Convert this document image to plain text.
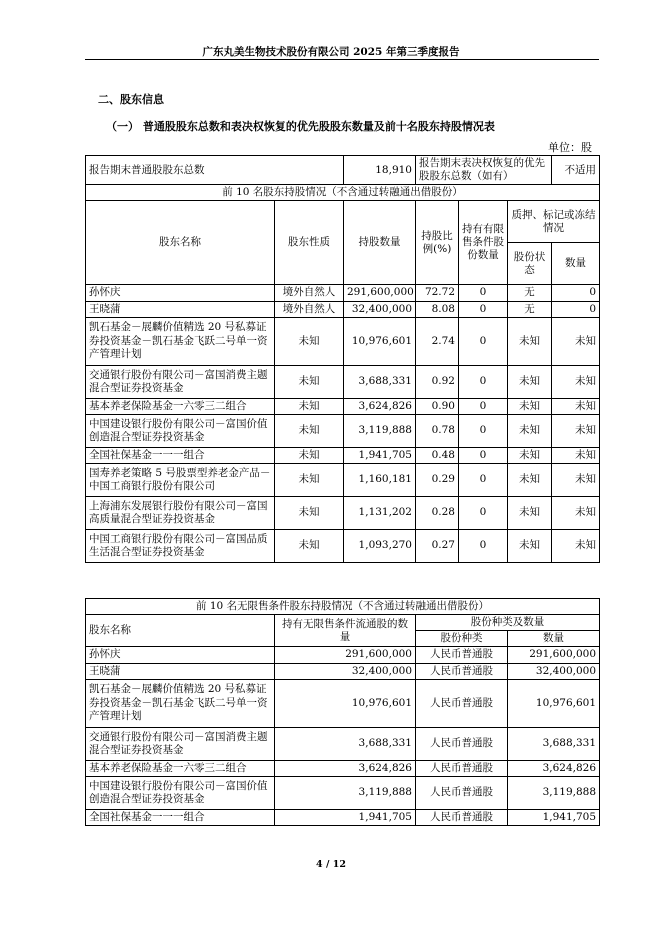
广东丸美生物技术股份有限公司 2025 年第三季度报告
二、股东信息
（一） 普通股股东总数和表决权恢复的优先股股东数量及前十名股东持股情况表
单位：股
报告期末普通股股东总数		18,910	报告期末表决权恢复的优先股股东总数（如有）			不适用
前 10 名股东持股情况（不含通过转融通出借股份）						
股东名称	股东性质	持股数量	持股比例(%)	持有有限售条件股份数量	质押、标记或冻结情况	
					股份状态	数量
孙怀庆	境外自然人	291,600,000	72.72	0	无	0
王晓蒲	境外自然人	32,400,000	8.08	0	无	0
凯石基金－展麟价值精选 20 号私募证券投资基金－凯石基金飞跃二号单一资产管理计划	未知	10,976,601	2.74	0	未知	未知
交通银行股份有限公司－富国消费主题混合型证券投资基金	未知	3,688,331	0.92	0	未知	未知
基本养老保险基金一六零三二组合	未知	3,624,826	0.90	0	未知	未知
中国建设银行股份有限公司－富国价值创造混合型证券投资基金	未知	3,119,888	0.78	0	未知	未知
全国社保基金一一一组合	未知	1,941,705	0.48	0	未知	未知
国寿养老策略 5 号股票型养老金产品－中国工商银行股份有限公司	未知	1,160,181	0.29	0	未知	未知
上海浦东发展银行股份有限公司－富国高质量混合型证券投资基金	未知	1,131,202	0.28	0	未知	未知
中国工商银行股份有限公司－富国品质生活混合型证券投资基金	未知	1,093,270	0.27	0	未知	未知
前 10 名无限售条件股东持股情况（不含通过转融通出借股份）			
股东名称	持有无限售条件流通股的数量	股份种类及数量	
		股份种类	数量
孙怀庆	291,600,000	人民币普通股	291,600,000
王晓蒲	32,400,000	人民币普通股	32,400,000
凯石基金－展麟价值精选 20 号私募证券投资基金－凯石基金飞跃二号单一资产管理计划	10,976,601	人民币普通股	10,976,601
交通银行股份有限公司－富国消费主题混合型证券投资基金	3,688,331	人民币普通股	3,688,331
基本养老保险基金一六零三二组合	3,624,826	人民币普通股	3,624,826
中国建设银行股份有限公司－富国价值创造混合型证券投资基金	3,119,888	人民币普通股	3,119,888
全国社保基金一一一组合	1,941,705	人民币普通股	1,941,705
4 / 12
